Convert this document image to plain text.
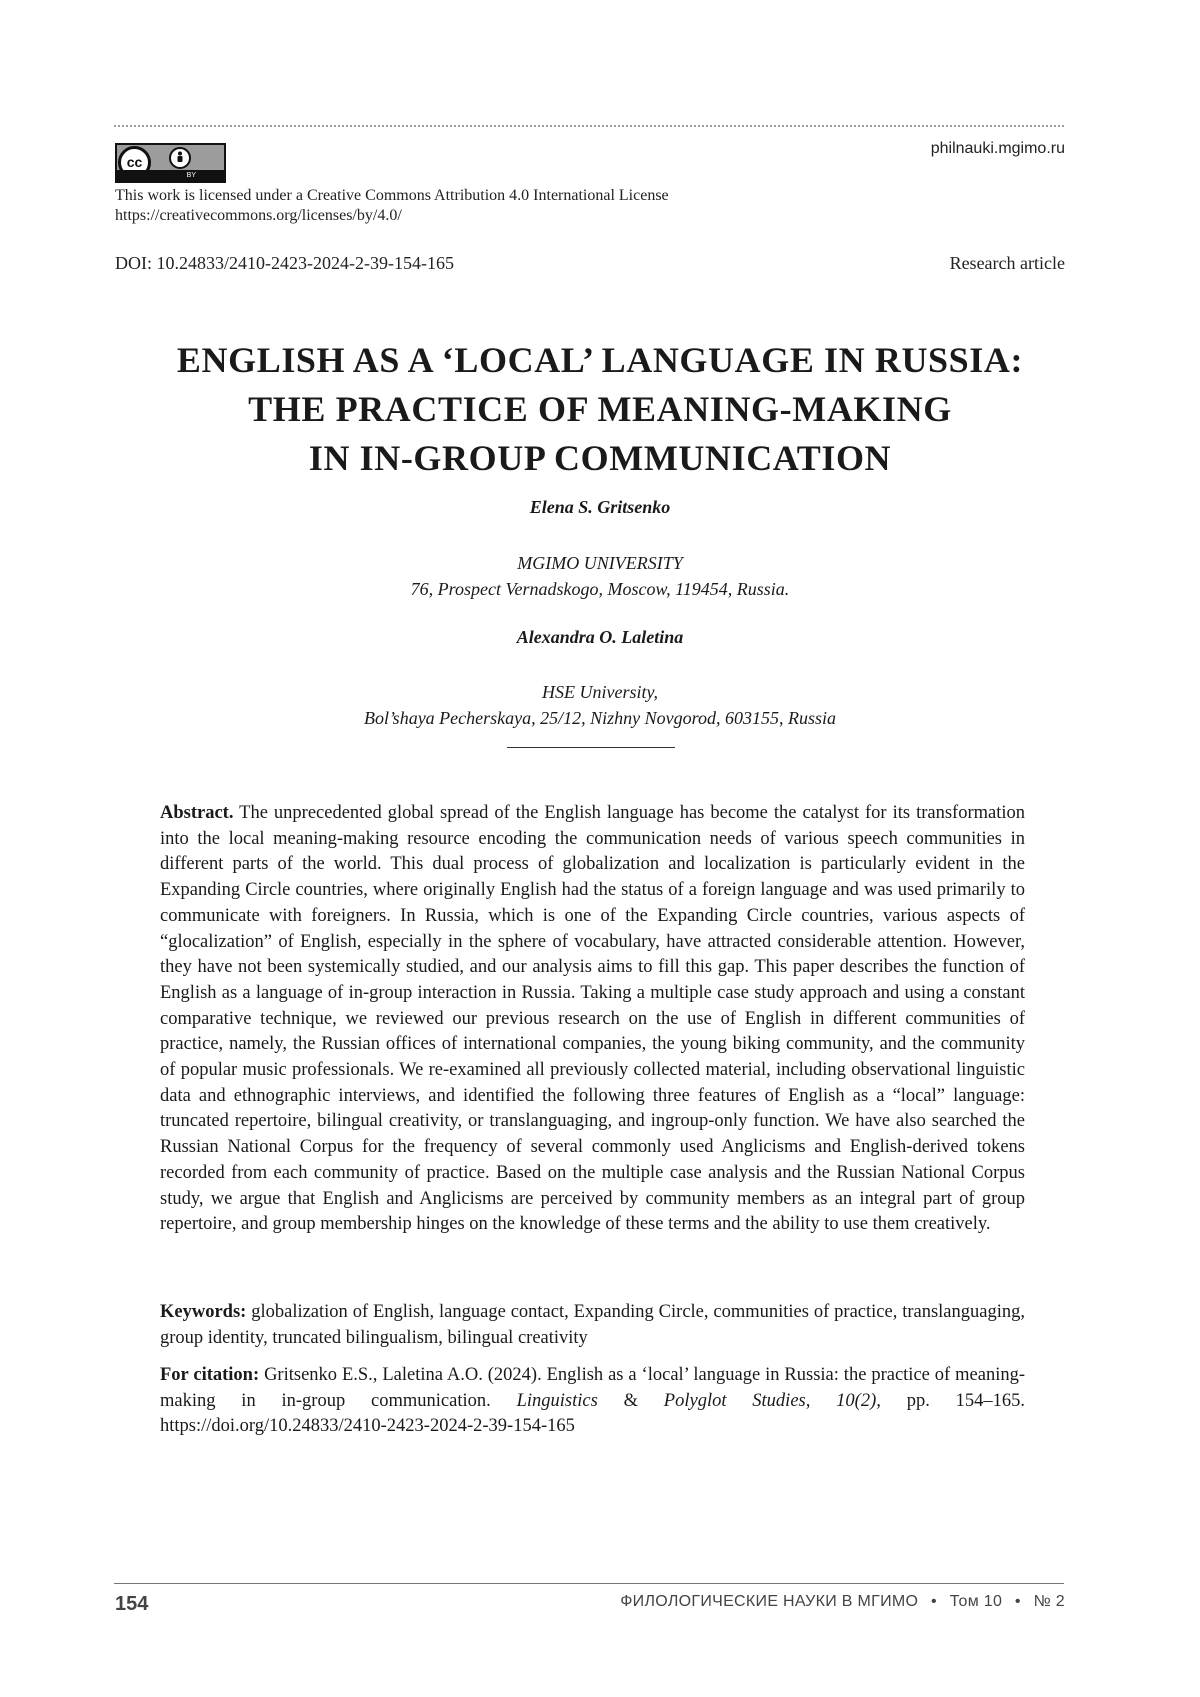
cc
BY
philnauki.mgimo.ru
This work is licensed under a Creative Commons Attribution 4.0 International License
https://creativecommons.org/licenses/by/4.0/
DOI: 10.24833/2410-2423-2024-2-39-154-165	Research article
ENGLISH AS A ‘LOCAL’ LANGUAGE IN RUSSIA:
THE PRACTICE OF MEANING-MAKING
IN IN-GROUP COMMUNICATION
Elena S. Gritsenko
MGIMO UNIVERSITY
76, Prospect Vernadskogo, Moscow, 119454, Russia.
Alexandra O. Laletina
HSE University,
Bol’shaya Pecherskaya, 25/12, Nizhny Novgorod, 603155, Russia
Abstract. The unprecedented global spread of the English language has become the catalyst for its transformation into the local meaning-making resource encoding the communication needs of various speech communities in different parts of the world. This dual process of globalization and localization is particularly evident in the Expanding Circle countries, where originally English had the status of a foreign language and was used primarily to communicate with foreigners. In Russia, which is one of the Expanding Circle countries, various aspects of “glocalization” of English, especially in the sphere of vocabulary, have attracted considerable attention. However, they have not been systemically studied, and our analysis aims to fill this gap. This paper describes the function of English as a language of in-group interaction in Russia. Taking a multiple case study approach and using a constant comparative technique, we reviewed our previous research on the use of English in different communities of practice, namely, the Russian offices of international companies, the young biking community, and the community of popular music professionals. We re-examined all previously collected material, including observational linguistic data and ethnographic interviews, and identified the following three features of English as a “local” language: truncated repertoire, bilingual creativity, or translanguaging, and ingroup-only function. We have also searched the Russian National Corpus for the frequency of several commonly used Anglicisms and English-derived tokens recorded from each community of practice. Based on the multiple case analysis and the Russian National Corpus study, we argue that English and Anglicisms are perceived by community members as an integral part of group repertoire, and group membership hinges on the knowledge of these terms and the ability to use them creatively.
Keywords: globalization of English, language contact, Expanding Circle, communities of practice, translanguaging, group identity, truncated bilingualism, bilingual creativity
For citation: Gritsenko E.S., Laletina A.O. (2024). English as a ‘local’ language in Russia: the practice of meaning-making in in-group communication. Linguistics & Polyglot Studies, 10(2), pp. 154–165. https://doi.org/10.24833/2410-2423-2024-2-39-154-165
154	ФИЛОЛОГИЧЕСКИЕ НАУКИ В МГИМО • Том 10 • № 2
